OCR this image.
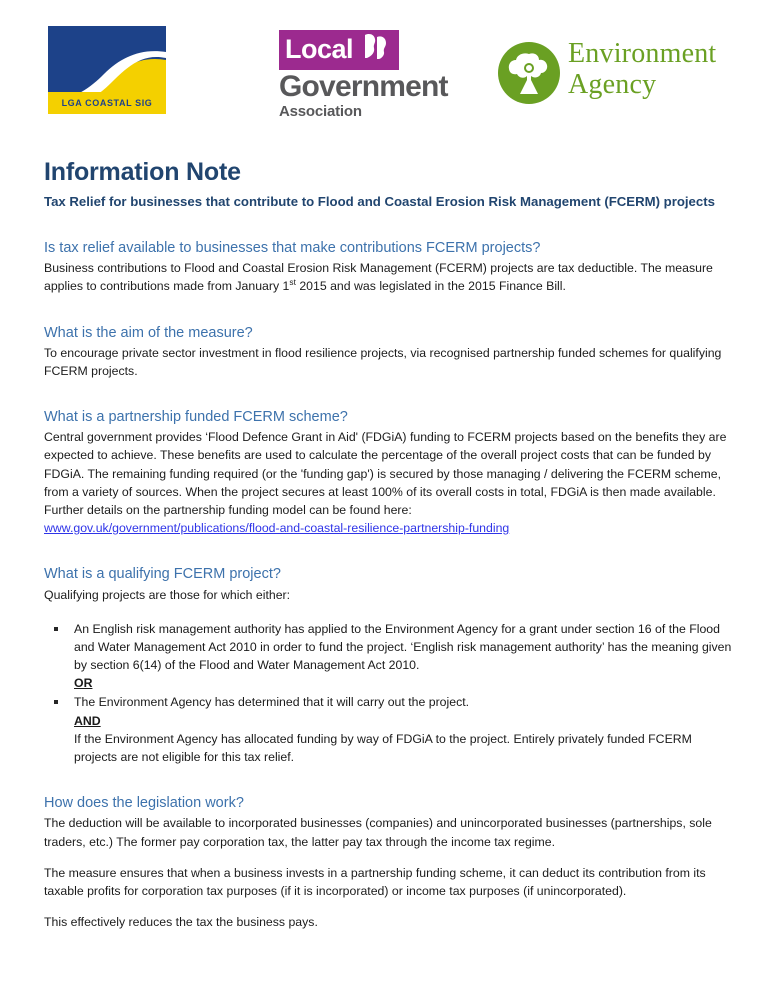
LGA COASTAL SIG
Local
Government
Association
Environment
Agency
Information Note

Tax Relief for businesses that contribute to Flood and Coastal Erosion Risk Management (FCERM) projects

Is tax relief available to businesses that make contributions FCERM projects?

Business contributions to Flood and Coastal Erosion Risk Management (FCERM) projects are tax deductible. The measure applies to contributions made from January 1st 2015 and was legislated in the 2015 Finance Bill.

What is the aim of the measure?

To encourage private sector investment in flood resilience projects, via recognised partnership funded schemes for qualifying FCERM projects.

What is a partnership funded FCERM scheme?

Central government provides ‘Flood Defence Grant in Aid' (FDGiA) funding to FCERM projects based on the benefits they are expected to achieve. These benefits are used to calculate the percentage of the overall project costs that can be funded by FDGiA. The remaining funding required (or the 'funding gap') is secured by those managing / delivering the FCERM scheme, from a variety of sources. When the project secures at least 100% of its overall costs in total, FDGiA is then made available. Further details on the partnership funding model can be found here:

www.gov.uk/government/publications/flood-and-coastal-resilience-partnership-funding

What is a qualifying FCERM project?

Qualifying projects are those for which either:

An English risk management authority has applied to the Environment Agency for a grant under section 16 of the Flood and Water Management Act 2010 in order to fund the project. ‘English risk management authority’ has the meaning given by section 6(14) of the Flood and Water Management Act 2010.
OR
The Environment Agency has determined that it will carry out the project.
AND
If the Environment Agency has allocated funding by way of FDGiA to the project. Entirely privately funded FCERM projects are not eligible for this tax relief.
How does the legislation work?

The deduction will be available to incorporated businesses (companies) and unincorporated businesses (partnerships, sole traders, etc.) The former pay corporation tax, the latter pay tax through the income tax regime.

The measure ensures that when a business invests in a partnership funding scheme, it can deduct its contribution from its taxable profits for corporation tax purposes (if it is incorporated) or income tax purposes (if unincorporated).

This effectively reduces the tax the business pays.
